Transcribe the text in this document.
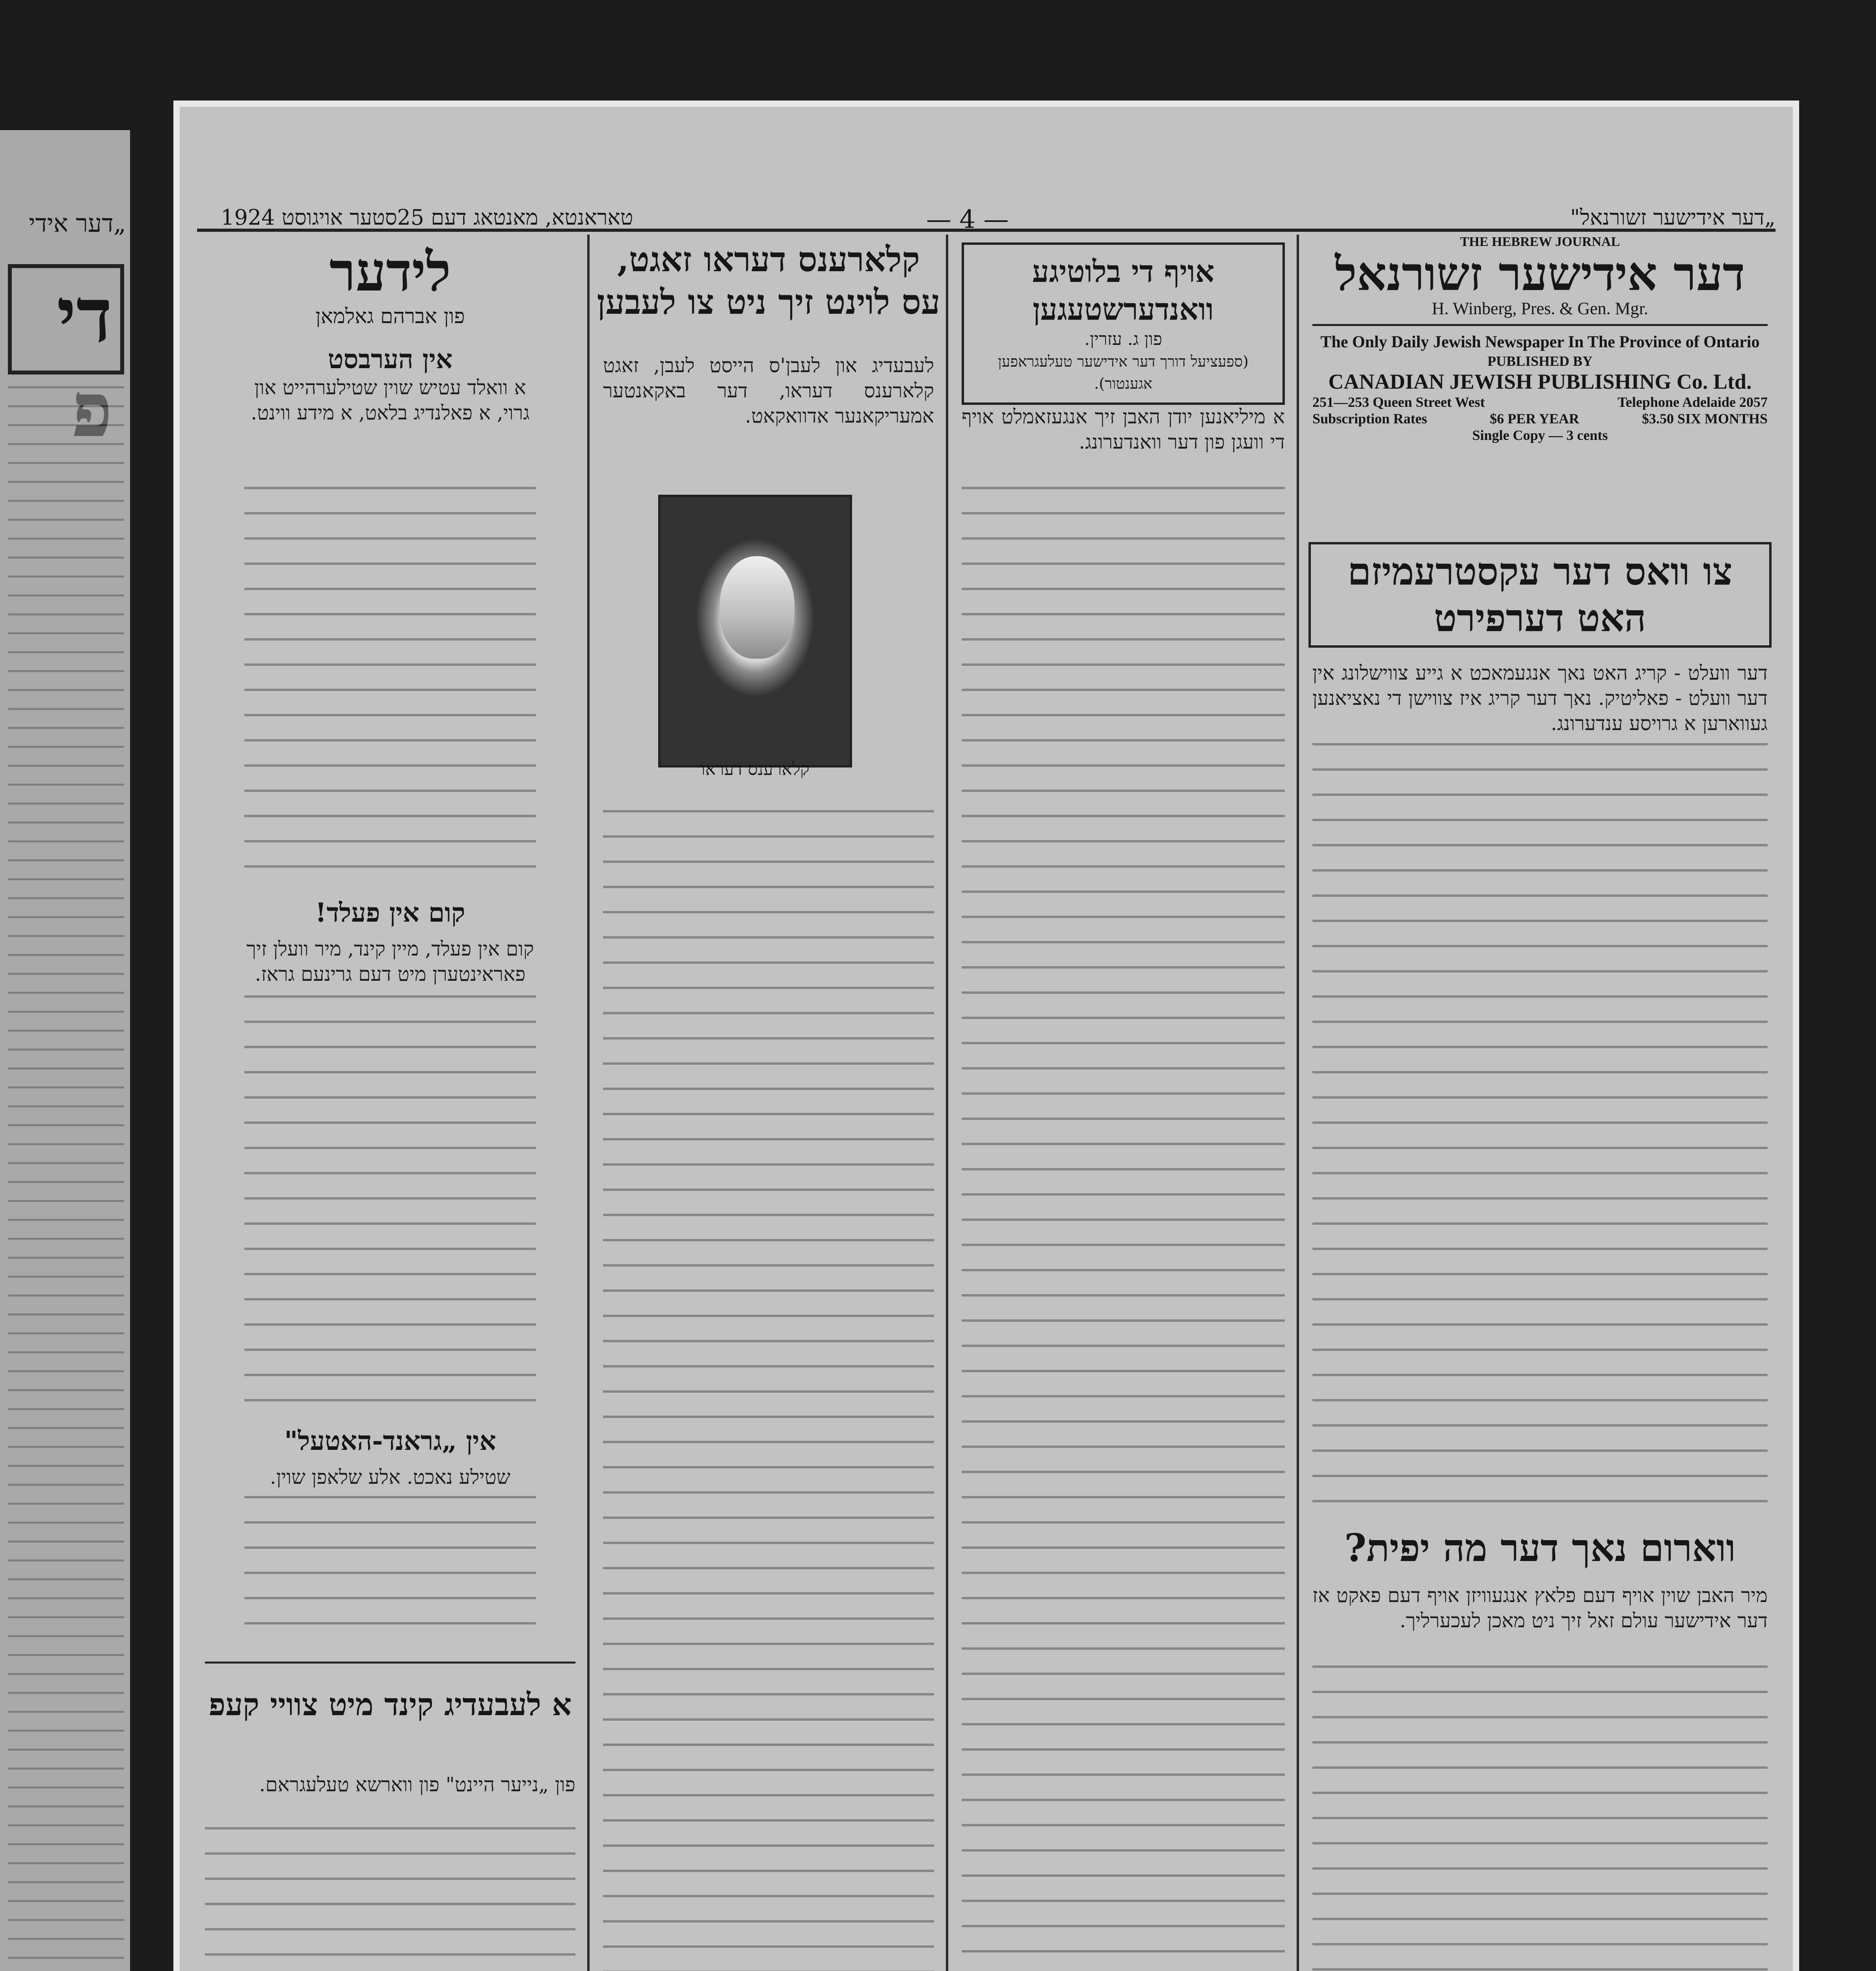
„דער אידי
די
„דער אידישער זשורנאל"
— 4 —
טאראנטא, מאנטאג דעם 25סטער אויגוסט 1924

THE HEBREW JOURNAL

דער אידישער זשורנאל

H. Winberg, Pres. & Gen. Mgr.

The Only Daily Jewish Newspaper In The Province of Ontario

PUBLISHED BY

CANADIAN JEWISH PUBLISHING Co. Ltd.

251—253 Queen Street West	Telephone Adelaide 2057
Subscription Rates	$6 PER YEAR	$3.50 SIX MONTHS

Single Copy — 3 cents

צו וואס דער עקסטרעמיזם האט דערפירט

דער וועלט - קריג האט נאך אנגעמאכט א גייע צווישלונג אין דער וועלט - פאליטיק. נאך דער קריג איז צווישן די נאציאנען געווארען א גרויסע ענדערונג.

ווארום נאך דער מה יפית?

מיר האבן שוין אויף דעם פלאץ אנגעוויזן אויף דעם פאקט אז דער אידישער עולם זאל זיך ניט מאכן לעכערליך.

אויף די בלוטיגע וואנדערשטעגען

פון ג. עזרין.

(ספעציעל דורך דער אידישער טעלעגראפען אגענטור).

א מיליאנען יודן האבן זיך אנגעזאמלט אויף די וועגן פון דער וואנדערונג.

קלארענס דעראו זאגט, עס לוינט זיך ניט צו לעבען

לעבעדיג און לעבן'ס הייסט לעבן, זאגט קלארענס דעראו, דער באקאנטער אמעריקאנער אדוואקאט.

קלארענס דעראו

לידער

פון אברהם גאלמאן

אין הערבסט

א וואלד עטיש שוין שטילערהייט און גרוי, א פאלנדיג בלאט, א מידע ווינט.

קום אין פעלד!

קום אין פעלד, מיין קינד, מיר וועלן זיך פאראינטערן מיט דעם גרינעם גראז.

אין „גראנד-האטעל"

שטילע נאכט. אלע שלאפן שוין.

א לעבעדיג קינד מיט צוויי קעפ

פון „נייער היינט" פון ווארשא טעלעגראם.
